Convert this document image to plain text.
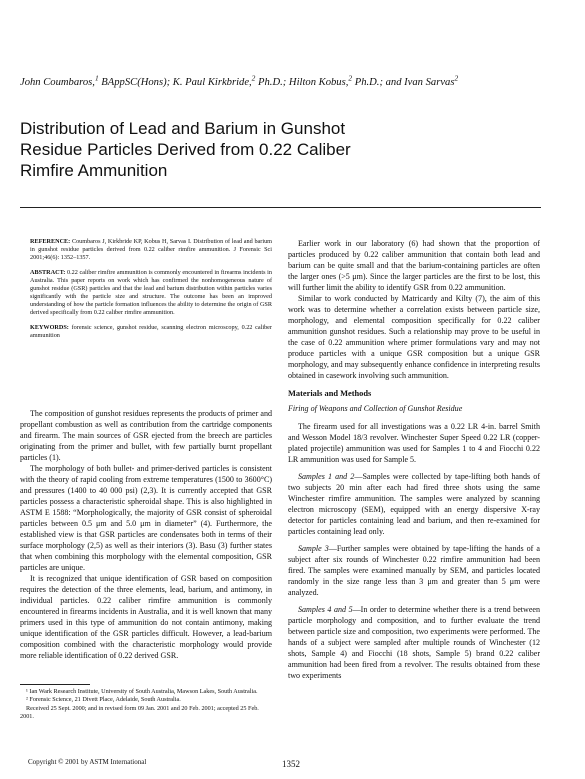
John Coumbaros,$^1$ BAppSC(Hons); K. Paul Kirkbride,$^2$ Ph.D.; Hilton Kobus,$^2$ Ph.D.; and Ivan Sarvas$^2$
Distribution of Lead and Barium in Gunshot Residue Particles Derived from 0.22 Caliber Rimfire Ammunition

REFERENCE: Coumbaros J, Kirkbride KP, Kobus H, Sarvas I. Distribution of lead and barium in gunshot residue particles derived from 0.22 caliber rimfire ammunition. J Forensic Sci 2001;46(6): 1352–1357.

ABSTRACT: 0.22 caliber rimfire ammunition is commonly encountered in firearms incidents in Australia. This paper reports on work which has confirmed the nonhomogeneous nature of gunshot residue (GSR) particles and that the lead and barium distribution within particles varies significantly with the particle size and structure. The outcome has been an improved understanding of how the particle formation influences the ability to determine the origin of GSR derived specifically from 0.22 caliber rimfire ammunition.

KEYWORDS: forensic science, gunshot residue, scanning electron microscopy, 0.22 caliber ammunition

The composition of gunshot residues represents the products of primer and propellant combustion as well as contribution from the cartridge components and firearm. The main sources of GSR ejected from the breech are particles originating from the primer and bullet, with few partially burnt propellant particles (1).

The morphology of both bullet- and primer-derived particles is consistent with the theory of rapid cooling from extreme temperatures (1500 to 3600°C) and pressures (1400 to 40 000 psi) (2,3). It is currently accepted that GSR particles possess a characteristic spheroidal shape. This is also highlighted in ASTM E 1588: “Morphologically, the majority of GSR consist of spheroidal particles between 0.5 μm and 5.0 μm in diameter” (4). Furthermore, the established view is that GSR particles are condensates both in terms of their surface morphology (2,5) as well as their interiors (3). Basu (3) further states that when combining this morphology with the elemental composition, GSR particles are unique.

It is recognized that unique identification of GSR based on composition requires the detection of the three elements, lead, barium, and antimony, in individual particles. 0.22 caliber rimfire ammunition is commonly encountered in firearms incidents in Australia, and it is well known that many primers used in this type of ammunition do not contain antimony, making unique identification of the GSR particles difficult. However, a lead-barium composition combined with the characteristic morphology would provide more reliable identification of 0.22 derived GSR.

¹ Ian Wark Research Institute, University of South Australia, Mawson Lakes, South Australia.

² Forensic Science, 21 Divett Place, Adelaide, South Australia.

Received 25 Sept. 2000; and in revised form 09 Jan. 2001 and 20 Feb. 2001; accepted 25 Feb. 2001.

Earlier work in our laboratory (6) had shown that the proportion of particles produced by 0.22 caliber ammunition that contain both lead and barium can be quite small and that the barium-containing particles are often the larger ones (>5 μm). Since the larger particles are the first to be lost, this will further limit the ability to identify GSR from 0.22 ammunition.

Similar to work conducted by Matricardy and Kilty (7), the aim of this work was to determine whether a correlation exists between particle size, morphology, and elemental composition specifically for 0.22 caliber ammunition gunshot residues. Such a relationship may prove to be useful in the case of 0.22 ammunition where primer formulations vary and may not produce particles with a unique GSR composition but a unique GSR morphology, and may subsequently enhance confidence in interpreting results obtained in casework involving such ammunition.

Materials and Methods
Firing of Weapons and Collection of Gunshot Residue

The firearm used for all investigations was a 0.22 LR 4-in. barrel Smith and Wesson Model 18/3 revolver. Winchester Super Speed 0.22 LR (copper-plated projectile) ammunition was used for Samples 1 to 4 and Fiocchi 0.22 LR ammunition was used for Sample 5.

Samples 1 and 2—Samples were collected by tape-lifting both hands of two subjects 20 min after each had fired three shots using the same Winchester rimfire ammunition. The samples were analyzed by scanning electron microscopy (SEM), equipped with an energy dispersive X-ray detector for particles containing lead and barium, and then re-examined for particles containing lead only.

Sample 3—Further samples were obtained by tape-lifting the hands of a subject after six rounds of Winchester 0.22 rimfire ammunition had been fired. The samples were examined manually by SEM, and particles located randomly in the size range less than 3 μm and greater than 5 μm were analyzed.

Samples 4 and 5—In order to determine whether there is a trend between particle morphology and composition, and to further evaluate the trend between particle size and composition, two experiments were performed. The hands of a subject were sampled after multiple rounds of Winchester (12 shots, Sample 4) and Fiocchi (18 shots, Sample 5) brand 0.22 caliber ammunition had been fired from a revolver. The results obtained from these two experiments

Copyright © 2001 by ASTM International	1352
